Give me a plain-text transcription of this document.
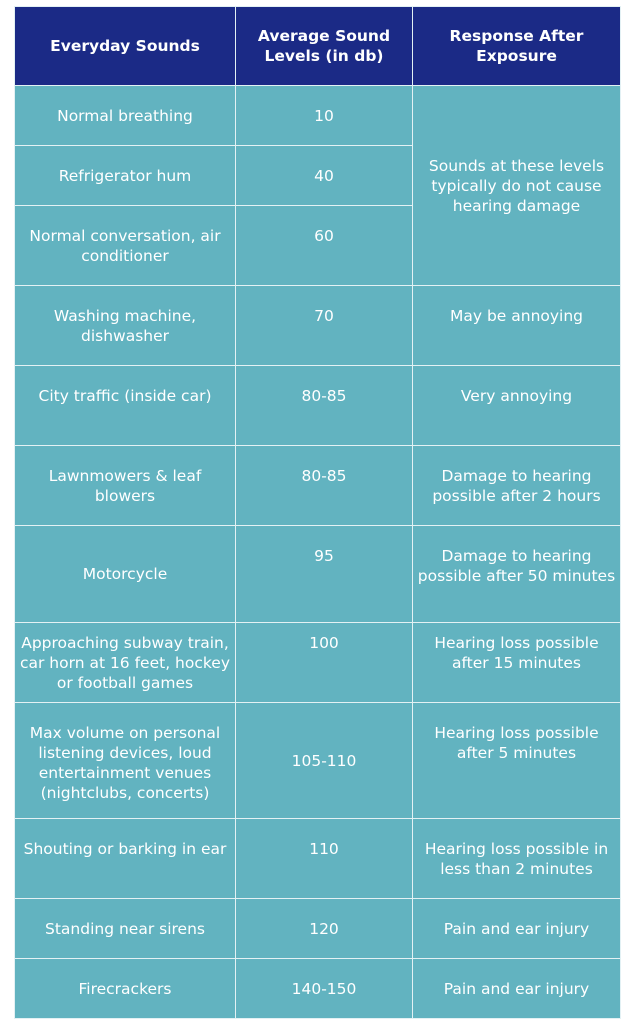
Everyday Sounds	Average Sound Levels (in db)	Response After Exposure
Normal breathing	10	Sounds at these levels typically do not cause hearing damage
Refrigerator hum	40	
Normal conversation, air conditioner	60	
Washing machine, dishwasher	70	May be annoying
City traffic (inside car)	80-85	Very annoying
Lawnmowers & leaf blowers	80-85	Damage to hearing possible after 2 hours
Motorcycle	95	Damage to hearing possible after 50 minutes
Approaching subway train, car horn at 16 feet, hockey or football games	100	Hearing loss possible after 15 minutes
Max volume on personal listening devices, loud entertainment venues (nightclubs, concerts)	105-110	Hearing loss possible after 5 minutes
Shouting or barking in ear	110	Hearing loss possible in less than 2 minutes
Standing near sirens	120	Pain and ear injury
Firecrackers	140-150	Pain and ear injury
